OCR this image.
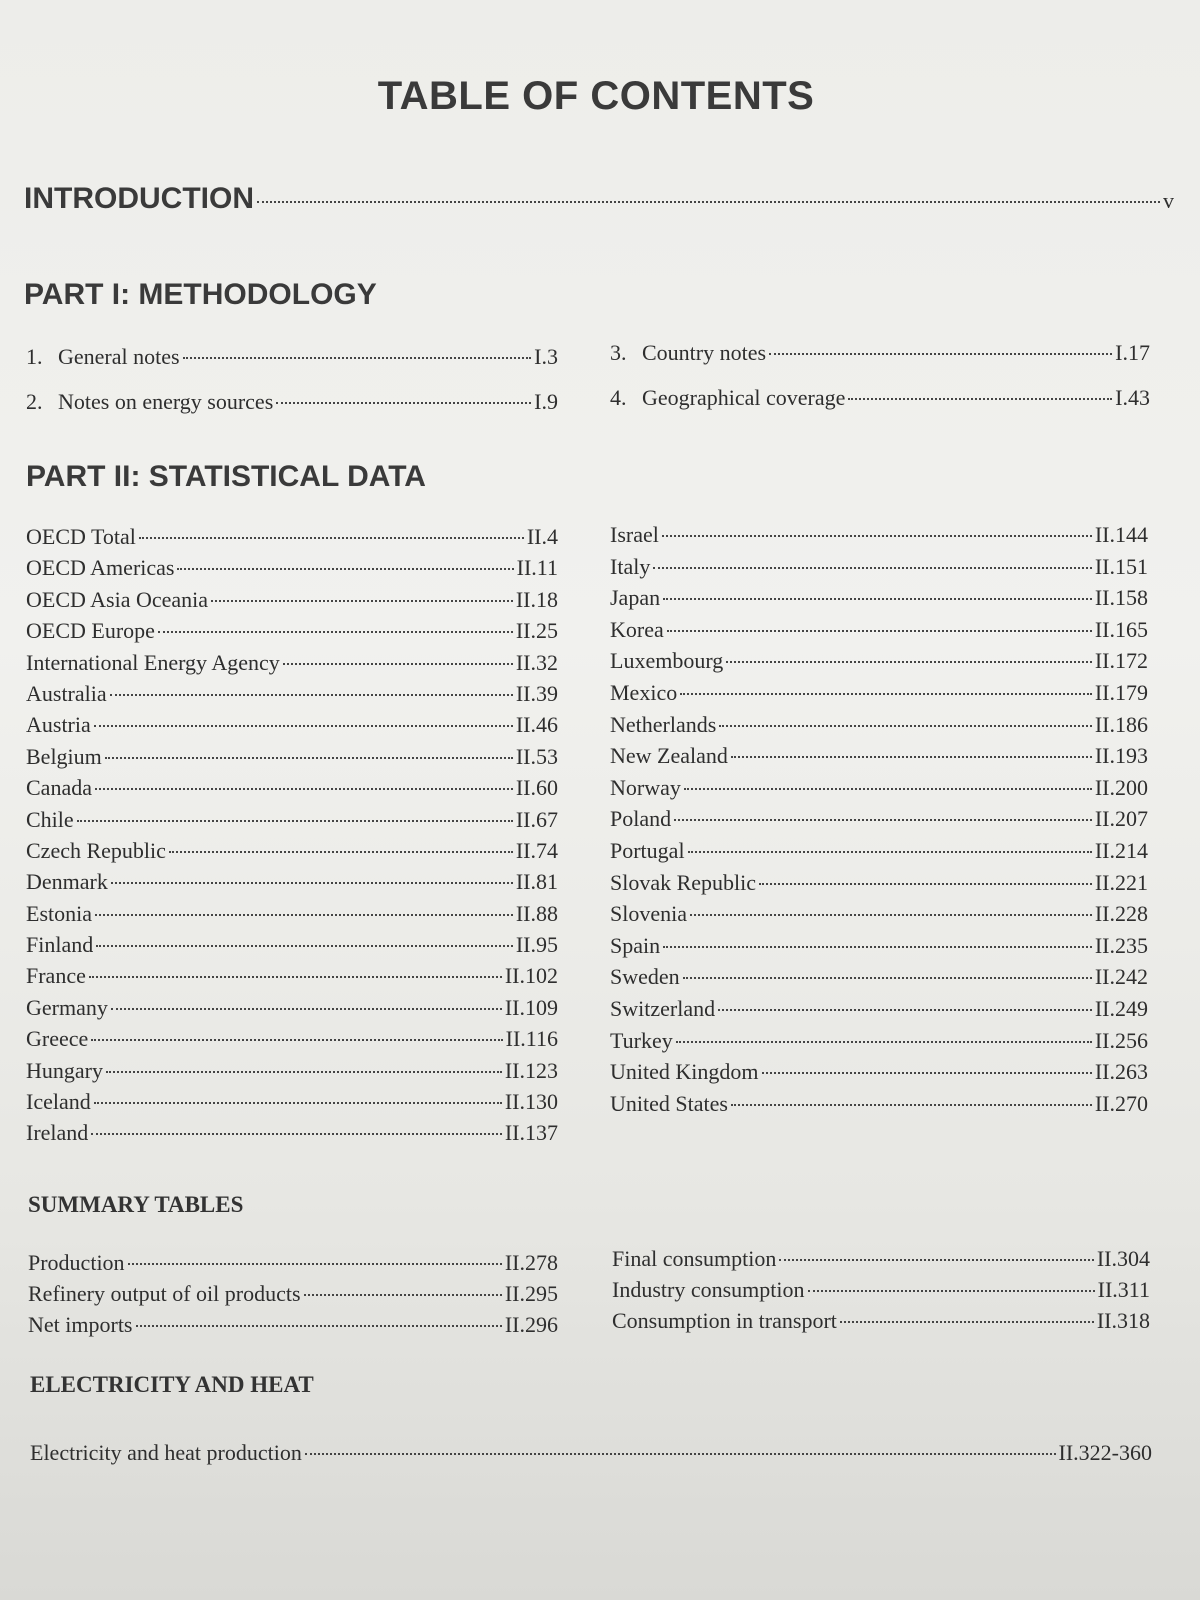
TABLE OF CONTENTS
INTRODUCTION	v
PART I: METHODOLOGY
1. General notes	I.3
2. Notes on energy sources	I.9
3. Country notes	I.17
4. Geographical coverage	I.43
PART II: STATISTICAL DATA
OECD Total	II.4
OECD Americas	II.11
OECD Asia Oceania	II.18
OECD Europe	II.25
International Energy Agency	II.32
Australia	II.39
Austria	II.46
Belgium	II.53
Canada	II.60
Chile	II.67
Czech Republic	II.74
Denmark	II.81
Estonia	II.88
Finland	II.95
France	II.102
Germany	II.109
Greece	II.116
Hungary	II.123
Iceland	II.130
Ireland	II.137
Israel	II.144
Italy	II.151
Japan	II.158
Korea	II.165
Luxembourg	II.172
Mexico	II.179
Netherlands	II.186
New Zealand	II.193
Norway	II.200
Poland	II.207
Portugal	II.214
Slovak Republic	II.221
Slovenia	II.228
Spain	II.235
Sweden	II.242
Switzerland	II.249
Turkey	II.256
United Kingdom	II.263
United States	II.270
SUMMARY TABLES
Production	II.278
Refinery output of oil products	II.295
Net imports	II.296
Final consumption	II.304
Industry consumption	II.311
Consumption in transport	II.318
ELECTRICITY AND HEAT
Electricity and heat production	II.322-360
